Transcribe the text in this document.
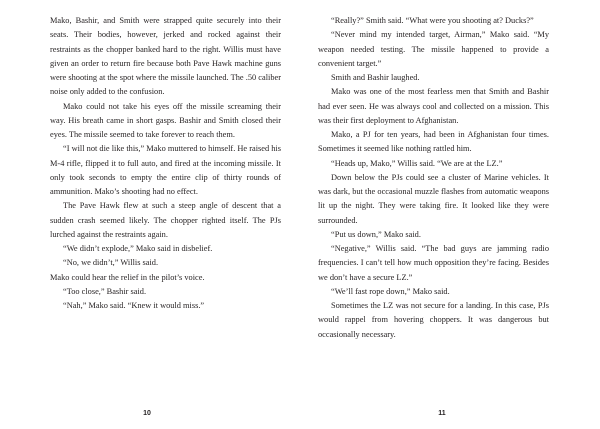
Mako, Bashir, and Smith were strapped quite securely into their seats. Their bodies, however, jerked and rocked against their restraints as the chopper banked hard to the right. Willis must have given an order to return fire because both Pave Hawk machine guns were shooting at the spot where the missile launched. The .50 caliber noise only added to the confusion.

Mako could not take his eyes off the missile screaming their way. His breath came in short gasps. Bashir and Smith closed their eyes. The missile seemed to take forever to reach them.

“I will not die like this,” Mako muttered to himself. He raised his M-4 rifle, flipped it to full auto, and fired at the incoming missile. It only took seconds to empty the entire clip of thirty rounds of ammunition. Mako’s shooting had no effect.

The Pave Hawk flew at such a steep angle of descent that a sudden crash seemed likely. The chopper righted itself. The PJs lurched against the restraints again.

“We didn’t explode,” Mako said in disbelief.

“No, we didn’t,” Willis said.

Mako could hear the relief in the pilot’s voice.

“Too close,” Bashir said.

“Nah,” Mako said. “Knew it would miss.”

10

“Really?” Smith said. “What were you shooting at? Ducks?”

“Never mind my intended target, Airman,” Mako said. “My weapon needed testing. The missile happened to provide a convenient target.”

Smith and Bashir laughed.

Mako was one of the most fearless men that Smith and Bashir had ever seen. He was always cool and collected on a mission. This was their first deployment to Afghanistan.

Mako, a PJ for ten years, had been in Afghanistan four times. Sometimes it seemed like nothing rattled him.

“Heads up, Mako,” Willis said. “We are at the LZ.”

Down below the PJs could see a cluster of Marine vehicles. It was dark, but the occasional muzzle flashes from automatic weapons lit up the night. They were taking fire. It looked like they were surrounded.

“Put us down,” Mako said.

“Negative,” Willis said. “The bad guys are jamming radio frequencies. I can’t tell how much opposition they’re facing. Besides we don’t have a secure LZ.”

“We’ll fast rope down,” Mako said.

Sometimes the LZ was not secure for a landing. In this case, PJs would rappel from hovering choppers. It was dangerous but occasionally necessary.

11
